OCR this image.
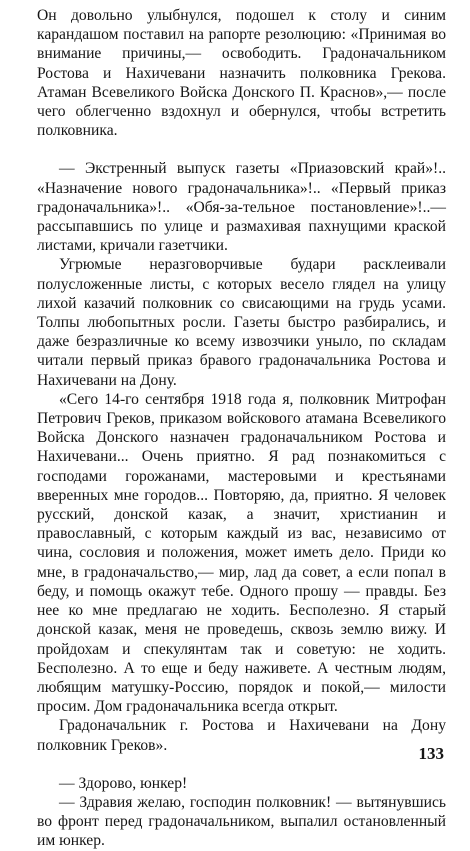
Он довольно улыбнулся, подошел к столу и синим карандашом поставил на рапорте резолюцию: «Принимая во внимание причины,— освободить. Градоначальником Ростова и Нахичевани назначить полковника Грекова. Атаман Всевеликого Войска Донского П. Краснов»,— после чего облегченно вздохнул и обернулся, чтобы встретить полковника.

— Экстренный выпуск газеты «Приазовский край»!.. «Назначение нового градоначальника»!.. «Первый приказ градоначальника»!.. «Обя-за-тельное постановление»!..— рассыпавшись по улице и размахивая пахнущими краской листами, кричали газетчики.

Угрюмые неразговорчивые будари расклеивали полусложенные листы, с которых весело глядел на улицу лихой казачий полковник со свисающими на грудь усами. Толпы любопытных росли. Газеты быстро разбирались, и даже безразличные ко всему извозчики уныло, по складам читали первый приказ бравого градоначальника Ростова и Нахичевани на Дону.

«Сего 14-го сентября 1918 года я, полковник Митрофан Петрович Греков, приказом войскового атамана Всевеликого Войска Донского назначен градоначальником Ростова и Нахичевани... Очень приятно. Я рад познакомиться с господами горожанами, мастеровыми и крестьянами вверенных мне городов... Повторяю, да, приятно. Я человек русский, донской казак, а значит, христианин и православный, с которым каждый из вас, независимо от чина, сословия и положения, может иметь дело. Приди ко мне, в градоначальство,— мир, лад да совет, а если попал в беду, и помощь окажут тебе. Одного прошу — правды. Без нее ко мне предлагаю не ходить. Бесполезно. Я старый донской казак, меня не проведешь, сквозь землю вижу. И пройдохам и спекулянтам так и советую: не ходить. Бесполезно. А то еще и беду наживете. А честным людям, любящим матушку-Россию, порядок и покой,— милости просим. Дом градоначальника всегда открыт.

Градоначальник г. Ростова и Нахичевани на Дону полковник Греков».

— Здорово, юнкер!

— Здравия желаю, господин полковник! — вытянувшись во фронт перед градоначальником, выпалил остановленный им юнкер.

133
